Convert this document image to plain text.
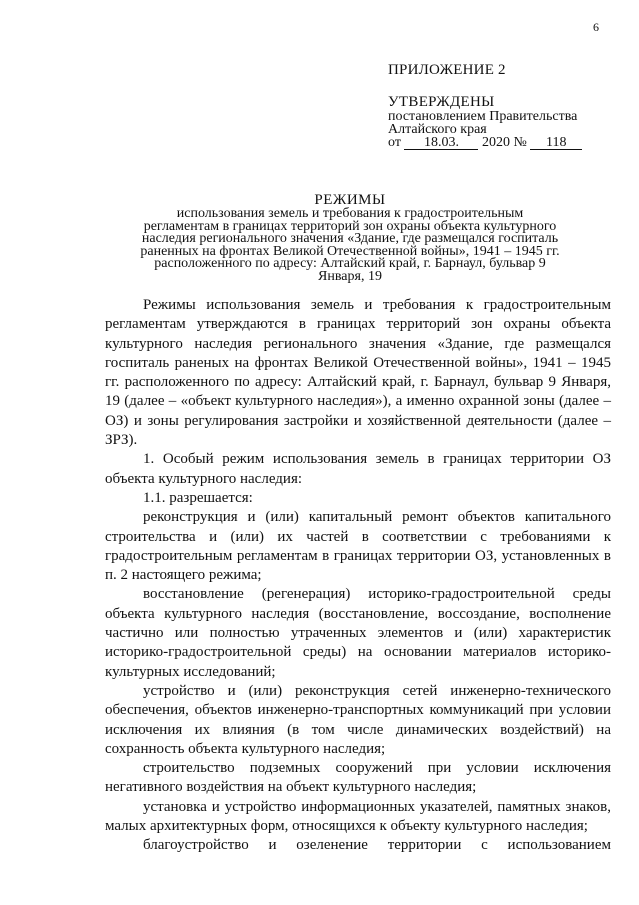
6
ПРИЛОЖЕНИЕ 2
УТВЕРЖДЕНЫ
постановлением Правительства
Алтайского края
от 18.03. 2020 № 118
РЕЖИМЫ
использования земель и требования к градостроительным регламентам в границах территорий зон охраны объекта культурного наследия регионального значения «Здание, где размещался госпиталь раненных на фронтах Великой Отечественной войны», 1941 – 1945 гг. расположенного по адресу: Алтайский край, г. Барнаул, бульвар 9 Января, 19

Режимы использования земель и требования к градостроительным регламентам утверждаются в границах территорий зон охраны объекта культурного наследия регионального значения «Здание, где размещался госпиталь раненых на фронтах Великой Отечественной войны», 1941 – 1945 гг. расположенного по адресу: Алтайский край, г. Барнаул, бульвар 9 Января, 19 (далее – «объект культурного наследия»), а именно охранной зоны (далее – ОЗ) и зоны регулирования застройки и хозяйственной деятельности (далее – ЗРЗ).

1. Особый режим использования земель в границах территории ОЗ объекта культурного наследия:

1.1. разрешается:

реконструкция и (или) капитальный ремонт объектов капитального строительства и (или) их частей в соответствии с требованиями к градостроительным регламентам в границах территории ОЗ, установленных в п. 2 настоящего режима;

восстановление (регенерация) историко-градостроительной среды объекта культурного наследия (восстановление, воссоздание, восполнение частично или полностью утраченных элементов и (или) характеристик историко-градостроительной среды) на основании материалов историко-культурных исследований;

устройство и (или) реконструкция сетей инженерно-технического обеспечения, объектов инженерно-транспортных коммуникаций при условии исключения их влияния (в том числе динамических воздействий) на сохранность объекта культурного наследия;

строительство подземных сооружений при условии исключения негативного воздействия на объект культурного наследия;

установка и устройство информационных указателей, памятных знаков, малых архитектурных форм, относящихся к объекту культурного наследия;

благоустройство и озеленение территории с использованием
